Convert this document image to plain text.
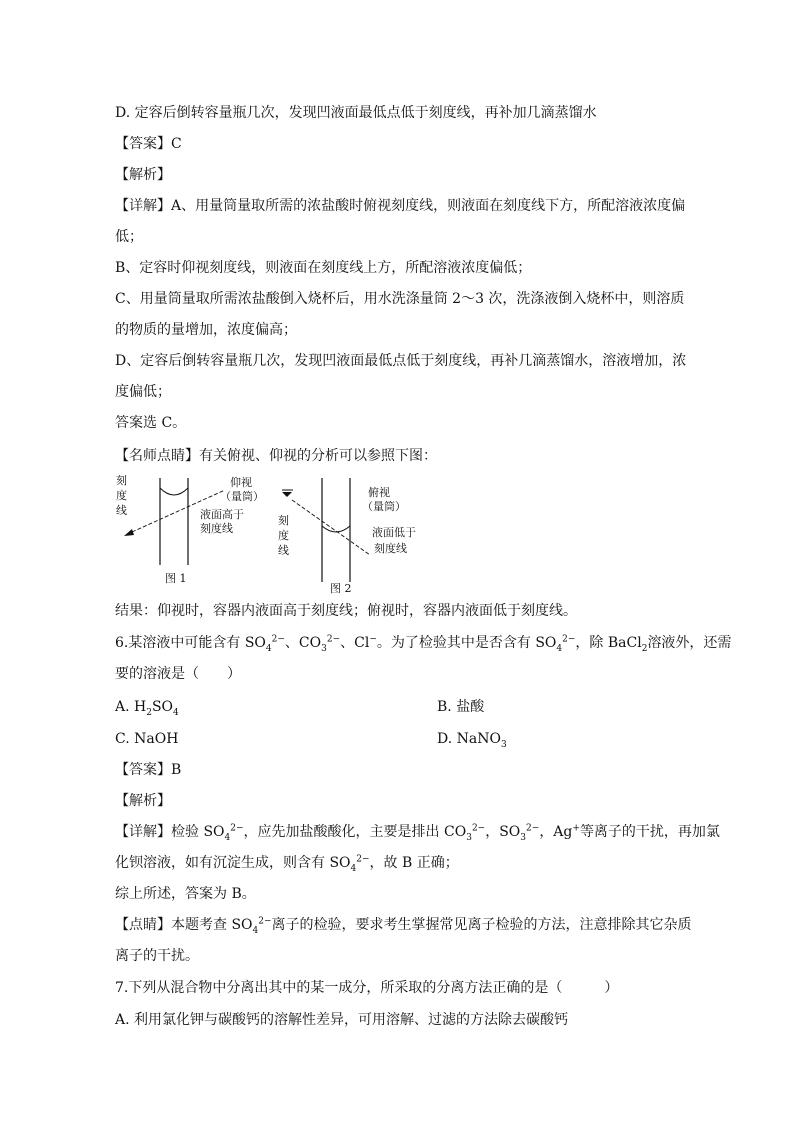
D. 定容后倒转容量瓶几次，发现凹液面最低点低于刻度线，再补加几滴蒸馏水
【答案】C
【解析】
【详解】A、用量筒量取所需的浓盐酸时俯视刻度线，则液面在刻度线下方，所配溶液浓度偏
低；
B、定容时仰视刻度线，则液面在刻度线上方，所配溶液浓度偏低；
C、用量筒量取所需浓盐酸倒入烧杯后，用水洗涤量筒 2～3 次，洗涤液倒入烧杯中，则溶质
的物质的量增加，浓度偏高；
D、定容后倒转容量瓶几次，发现凹液面最低点低于刻度线，再补几滴蒸馏水，溶液增加，浓
度偏低；
答案选 C。
【名师点睛】有关俯视、仰视的分析可以参照下图：
刻
度
线
仰视
（量筒）
液面高于
刻度线
图 1
刻
度
线
俯视
（量筒）
液面低于
刻度线
图 2
结果：仰视时，容器内液面高于刻度线；俯视时，容器内液面低于刻度线。
6.某溶液中可能含有 $SO_4^{2-}$、$CO_3^{2-}$、Cl−。为了检验其中是否含有 $SO_4^{2-}$，除 BaCl$_2$溶液外，还需
要的溶液是（　　）
A. $H_2SO_4$	B. 盐酸
C. NaOH	D. NaNO$_3$
【答案】B
【解析】
【详解】检验 $SO_4^{2-}$，应先加盐酸酸化，主要是排出 $CO_3^{2-}$，$SO_3^{2-}$，Ag+等离子的干扰，再加氯
化钡溶液，如有沉淀生成，则含有 $SO_4^{2-}$，故 B 正确；
综上所述，答案为 B。
【点睛】本题考查 $SO_4^{2-}$离子的检验，要求考生掌握常见离子检验的方法，注意排除其它杂质
离子的干扰。
7.下列从混合物中分离出其中的某一成分，所采取的分离方法正确的是（　　　）
A. 利用氯化钾与碳酸钙的溶解性差异，可用溶解、过滤的方法除去碳酸钙
